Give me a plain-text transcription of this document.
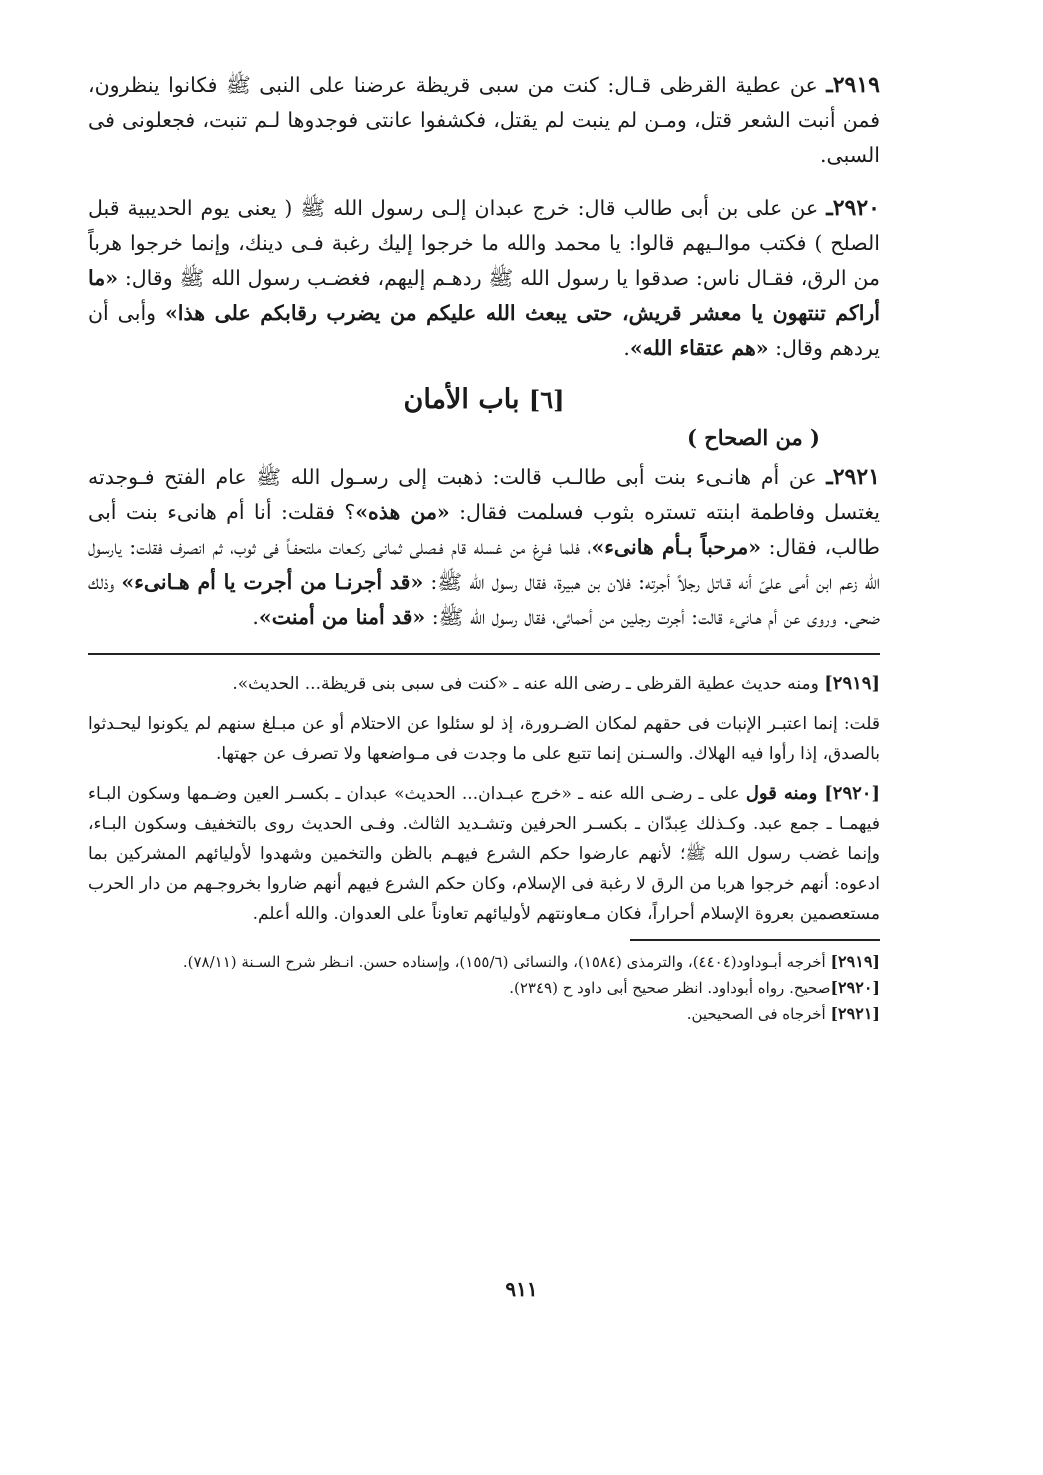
٢٩١٩ـ عن عطية القرظى قـال: كنت من سبى قريظة عرضنا على النبى ﷺ فكانوا ينظرون، فمن أنبت الشعر قتل، ومـن لم ينبت لم يقتل، فكشفوا عانتى فوجدوها لـم تنبت، فجعلونى فى السبى.

٢٩٢٠ـ عن على بن أبى طالب قال: خرج عبدان إلـى رسول الله ﷺ ( يعنى يوم الحديبية قبل الصلح ) فكتب موالـيهم قالوا: يا محمد والله ما خرجوا إليك رغبة فـى دينك، وإنما خرجوا هرباً من الرق، فقـال ناس: صدقوا يا رسول الله ﷺ ردهـم إليهم، فغضـب رسول الله ﷺ وقال: «ما أراكم تنتهون يا معشر قريش، حتى يبعث الله عليكم من يضرب رقابكم على هذا» وأبى أن يردهم وقال: «هم عتقاء الله».

[٦] باب الأمان
( من الصحاح )

٢٩٢١ـ عن أم هانـىء بنت أبى طالـب قالت: ذهبت إلى رسـول الله ﷺ عام الفتح فـوجدته يغتسل وفاطمة ابنته تستره بثوب فسلمت فقال: «من هذه»؟ فقلت: أنا أم هانىء بنت أبى طالب، فقال: «مرحباً بـأم هانىء»، فلما فـرغ من غسله قام فـصلى ثمانى ركـعات ملتحفـاً فى ثوب، ثم انصرف فقلت: يارسول الله زعم ابن أمى علىّ أنه قـاتل رجلاً أجرته: فلان بن هبيرة، فقال رسول الله ﷺ: «قد أجرنـا من أجرت يا أم هـانىء» وذلك ضحى. وروى عن أم هـانىء قالت: أجرت رجلين من أحمائى، فقال رسول الله ﷺ: «قد أمنا من أمنت».

[٢٩١٩] ومنه حديث عطية القرظى ـ رضى الله عنه ـ «كنت فى سبى بنى قريظة... الحديث».

قلت: إنما اعتبـر الإنبات فى حقهم لمكان الضـرورة، إذ لو سئلوا عن الاحتلام أو عن مبـلغ سنهم لم يكونوا ليحـدثوا بالصدق، إذا رأوا فيه الهلاك. والسـنن إنما تتبع على ما وجدت فى مـواضعها ولا تصرف عن جهتها.

[٢٩٢٠] ومنه قول على ـ رضـى الله عنه ـ «خرج عبـدان... الحديث» عبدان ـ بكسـر العين وضـمها وسكون البـاء فيهمـا ـ جمع عبد. وكـذلك عِبدّان ـ بكسـر الحرفين وتشـديد الثالث. وفـى الحديث روى بالتخفيف وسكون البـاء، وإنما غضب رسول الله ﷺ؛ لأنهم عارضوا حكم الشرع فيهـم بالظن والتخمين وشهدوا لأوليائهم المشركين بما ادعوه: أنهم خرجوا هربا من الرق لا رغبة فى الإسلام، وكان حكم الشرع فيهم أنهم ضاروا بخروجـهم من دار الحرب مستعصمين بعروة الإسلام أحراراً، فكان مـعاونتهم لأوليائهم تعاوناً على العدوان. والله أعلم.

[٢٩١٩] أخرجه أبـوداود(٤٤٠٤)، والترمذى (١٥٨٤)، والنسائى (١٥٥/٦)، وإسناده حسن. انـظر شرح السـنة (٧٨/١١).

[٢٩٢٠]صحيح. رواه أبوداود. انظر صحيح أبى داود ح (٢٣٤٩).

[٢٩٢١] أخرجاه فى الصحيحين.

٩١١
